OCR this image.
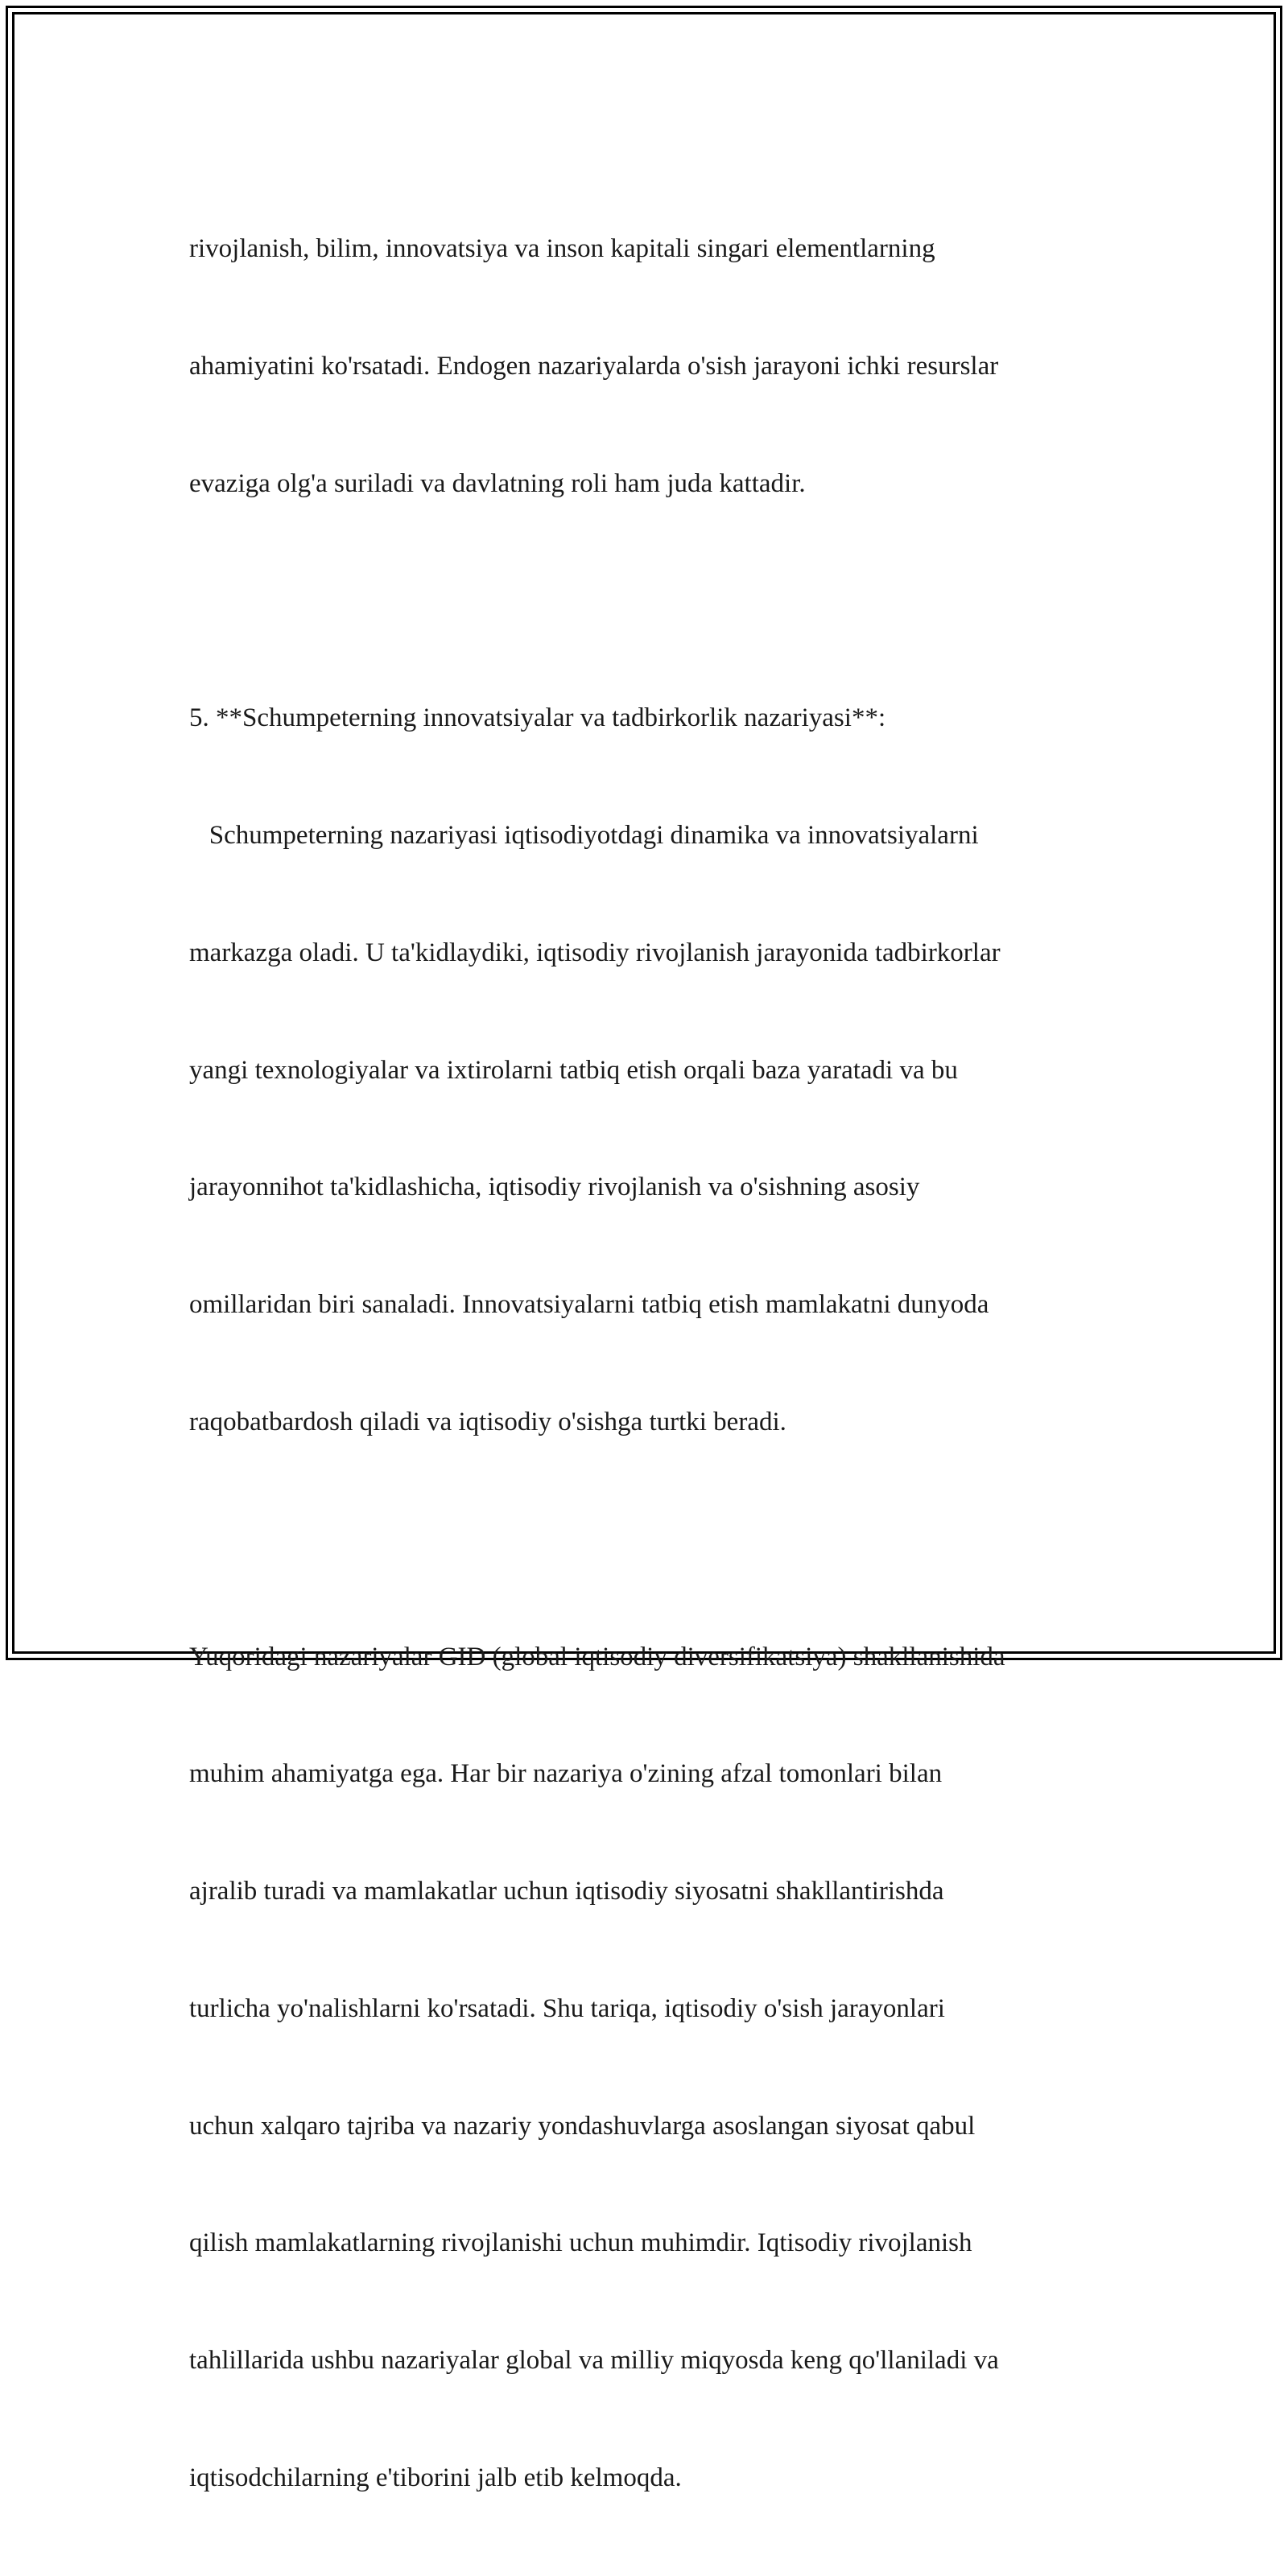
rivojlanish, bilim, innovatsiya va inson kapitali singari elementlarning

ahamiyatini ko'rsatadi. Endogen nazariyalarda o'sish jarayoni ichki resurslar

evaziga olg'a suriladi va davlatning roli ham juda kattadir.

5. **Schumpeterning innovatsiyalar va tadbirkorlik nazariyasi**:

Schumpeterning nazariyasi iqtisodiyotdagi dinamika va innovatsiyalarni

markazga oladi. U ta'kidlaydiki, iqtisodiy rivojlanish jarayonida tadbirkorlar

yangi texnologiyalar va ixtirolarni tatbiq etish orqali baza yaratadi va bu

jarayonnihot ta'kidlashicha, iqtisodiy rivojlanish va o'sishning asosiy

omillaridan biri sanaladi. Innovatsiyalarni tatbiq etish mamlakatni dunyoda

raqobatbardosh qiladi va iqtisodiy o'sishga turtki beradi.

Yuqoridagi nazariyalar GID (global iqtisodiy diversifikatsiya) shakllanishida

muhim ahamiyatga ega. Har bir nazariya o'zining afzal tomonlari bilan

ajralib turadi va mamlakatlar uchun iqtisodiy siyosatni shakllantirishda

turlicha yo'nalishlarni ko'rsatadi. Shu tariqa, iqtisodiy o'sish jarayonlari

uchun xalqaro tajriba va nazariy yondashuvlarga asoslangan siyosat qabul

qilish mamlakatlarning rivojlanishi uchun muhimdir. Iqtisodiy rivojlanish

tahlillarida ushbu nazariyalar global va milliy miqyosda keng qo'llaniladi va

iqtisodchilarning e'tiborini jalb etib kelmoqda.
